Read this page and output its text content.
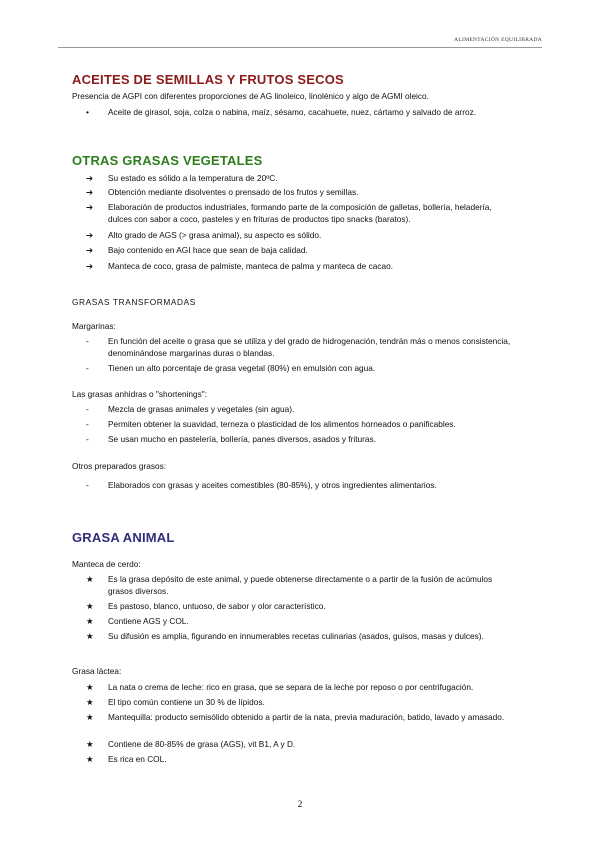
ALIMENTACIÓN EQUILIBRADA
ACEITES DE SEMILLAS Y FRUTOS SECOS
Presencia de AGPI con diferentes proporciones de AG linoleico, linolénico y algo de AGMI oleico.
• Aceite de girasol, soja, colza o nabina, maíz, sésamo, cacahuete, nuez, cártamo y salvado de arroz.
OTRAS GRASAS VEGETALES
➔ Su estado es sólido a la temperatura de 20ºC.
➔ Obtención mediante disolventes o prensado de los frutos y semillas.
➔ Elaboración de productos industriales, formando parte de la composición de galletas, bollería, heladería, dulces con sabor a coco, pasteles y en frituras de productos tipo snacks (baratos).
➔ Alto grado de AGS (> grasa animal), su aspecto es sólido.
➔ Bajo contenido en AGI hace que sean de baja calidad.
➔ Manteca de coco, grasa de palmiste, manteca de palma y manteca de cacao.
GRASAS TRANSFORMADAS
Margarinas:
- En función del aceite o grasa que se utiliza y del grado de hidrogenación, tendrán más o menos consistencia, denominándose margarinas duras o blandas.
- Tienen un alto porcentaje de grasa vegetal (80%) en emulsión con agua.
Las grasas anhidras o "shortenings":
- Mezcla de grasas animales y vegetales (sin agua).
- Permiten obtener la suavidad, terneza o plasticidad de los alimentos horneados o panificables.
- Se usan mucho en pastelería, bollería, panes diversos, asados y frituras.
Otros preparados grasos:
- Elaborados con grasas y aceites comestibles (80-85%), y otros ingredientes alimentarios.
GRASA ANIMAL
Manteca de cerdo:
★ Es la grasa depósito de este animal, y puede obtenerse directamente o a partir de la fusión de acúmulos grasos diversos.
★ Es pastoso, blanco, untuoso, de sabor y olor característico.
★ Contiene AGS y COL.
★ Su difusión es amplia, figurando en innumerables recetas culinarias (asados, guisos, masas y dulces).
Grasa láctea:
★ La nata o crema de leche: rico en grasa, que se separa de la leche por reposo o por centrifugación.
★ El tipo común contiene un 30 % de lípidos.
★ Mantequilla: producto semisólido obtenido a partir de la nata, previa maduración, batido, lavado y amasado.
★ Contiene de 80-85% de grasa (AGS), vit B1, A y D.
★ Es rica en COL.
2
